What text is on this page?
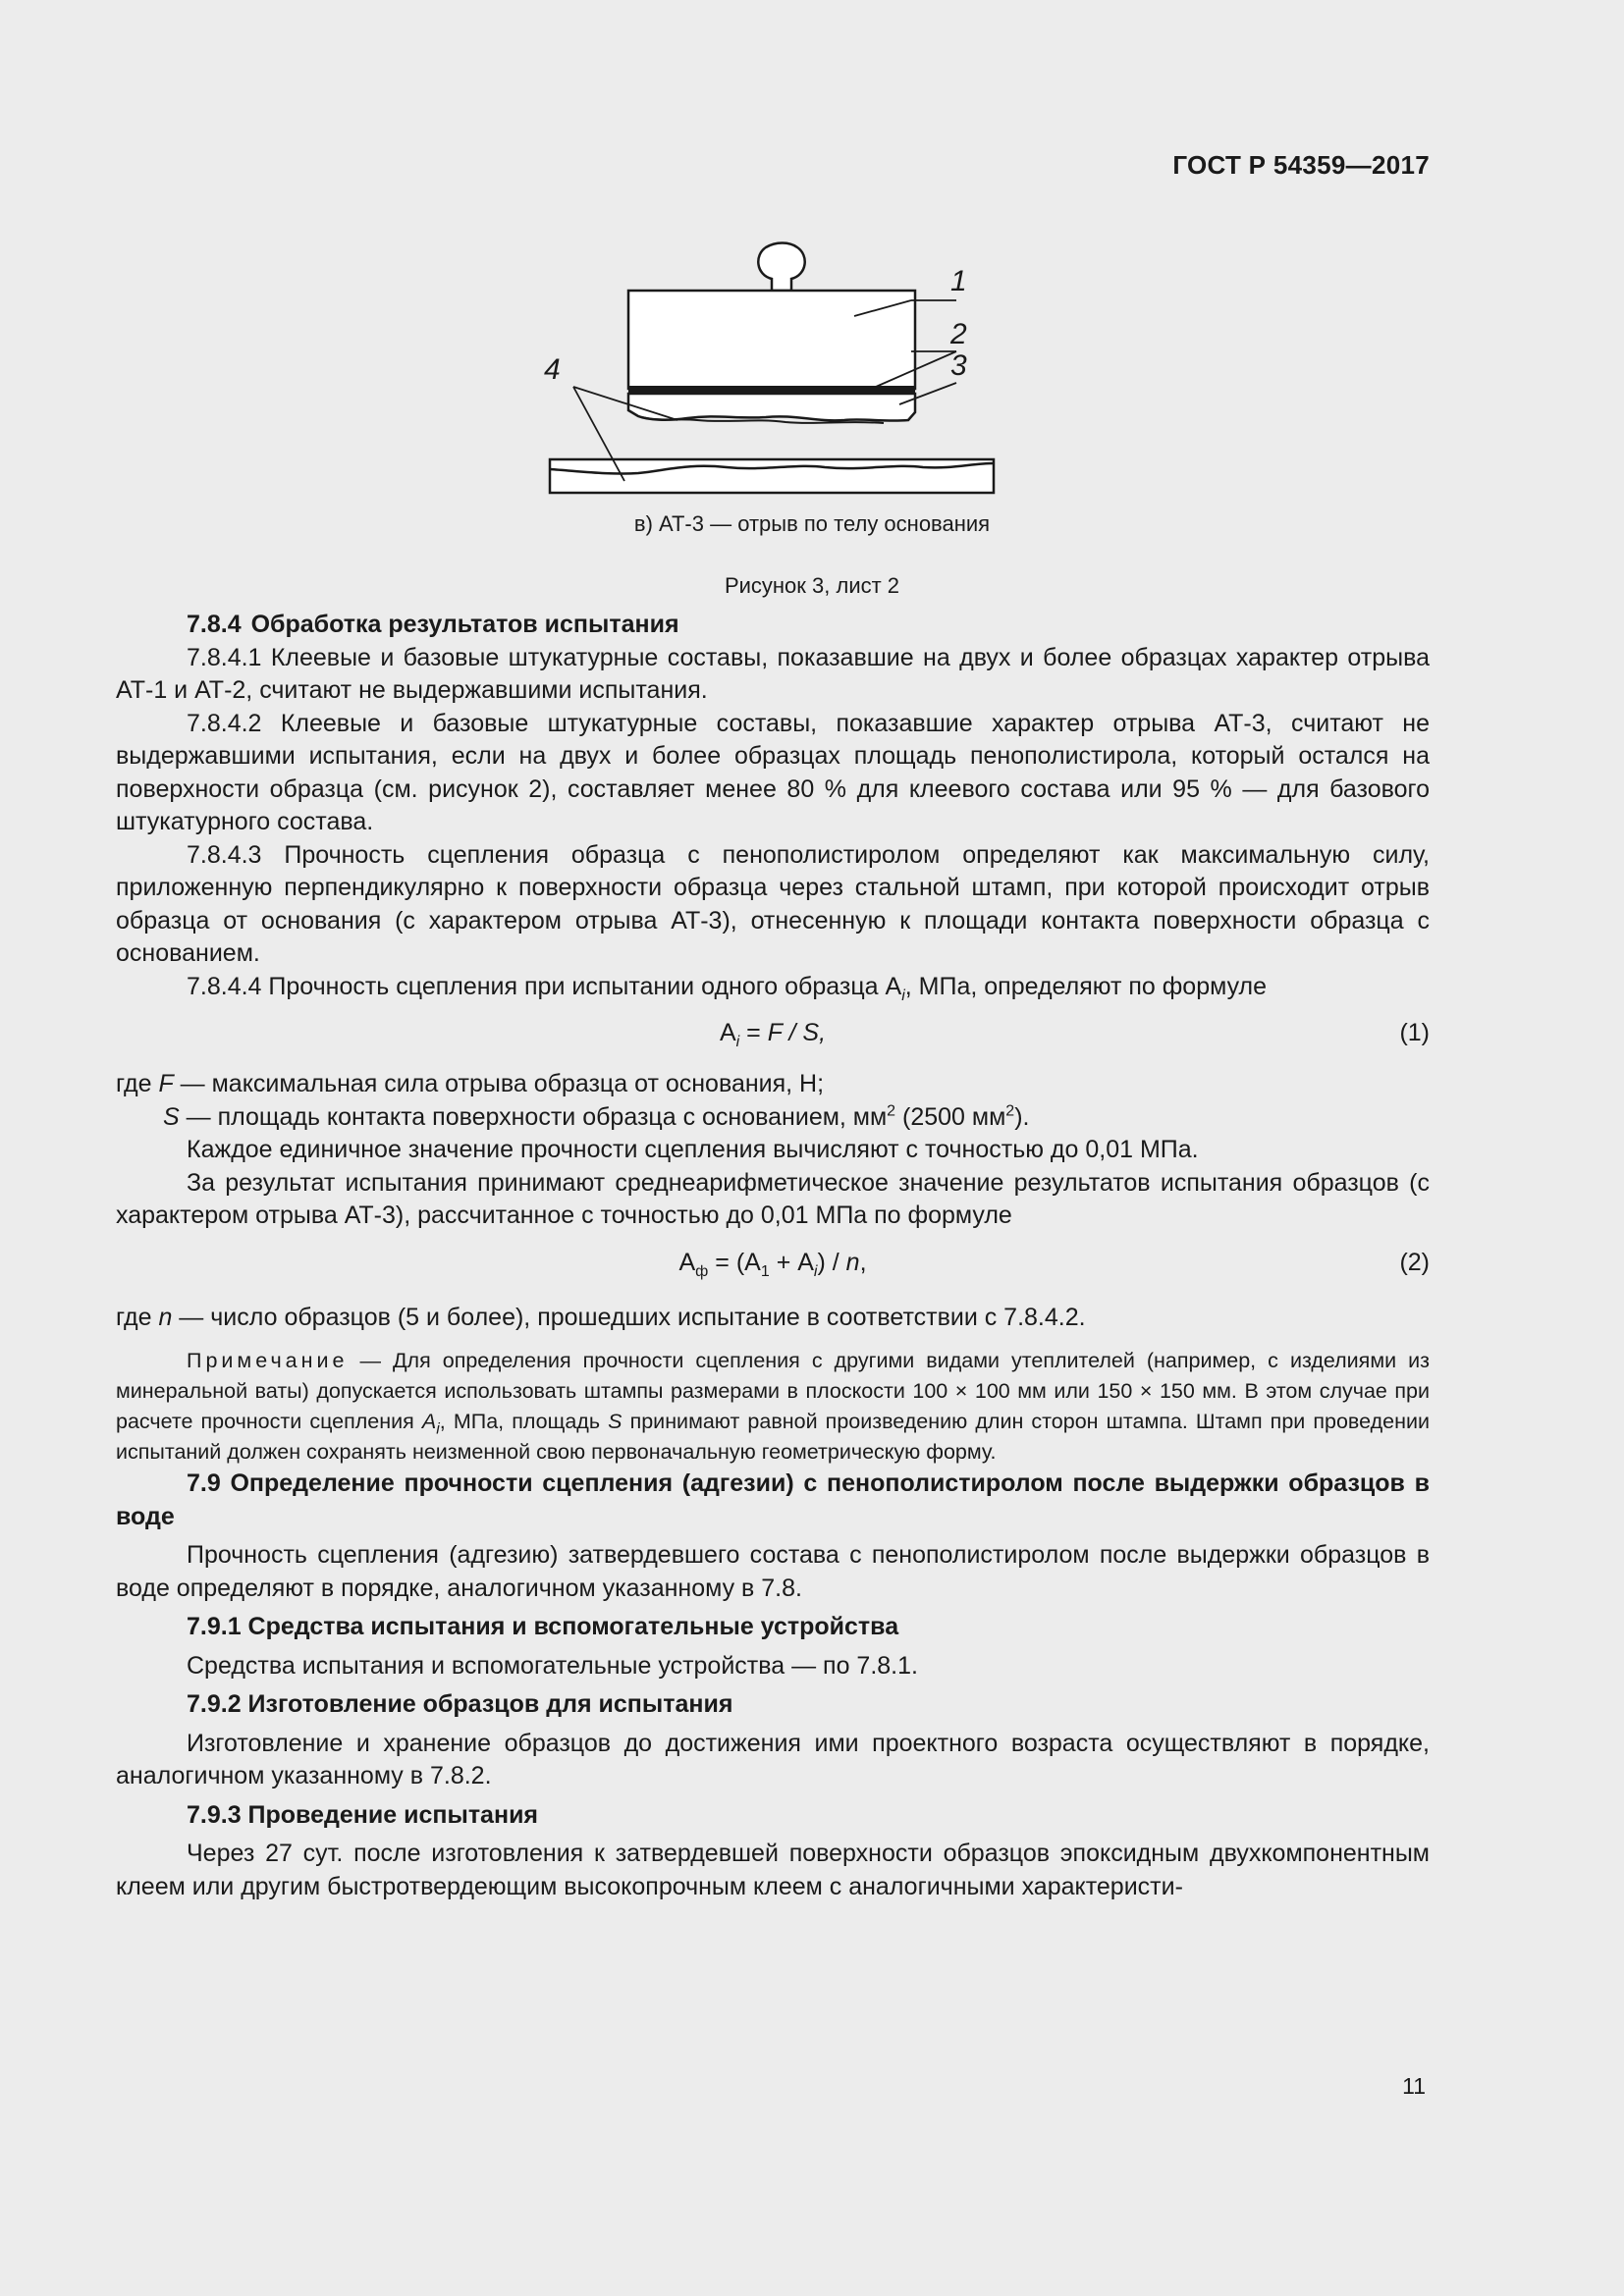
ГОСТ Р 54359—2017
1
2
3
4
в) АТ-3 — отрыв по телу основания
Рисунок 3, лист 2

7.8.4 Обработка результатов испытания

7.8.4.1 Клеевые и базовые штукатурные составы, показавшие на двух и более образцах характер отрыва АТ-1 и АТ-2, считают не выдержавшими испытания.

7.8.4.2 Клеевые и базовые штукатурные составы, показавшие характер отрыва АТ-3, считают не выдержавшими испытания, если на двух и более образцах площадь пенополистирола, который остался на поверхности образца (см. рисунок 2), составляет менее 80 % для клеевого состава или 95 % — для базового штукатурного состава.

7.8.4.3 Прочность сцепления образца с пенополистиролом определяют как максимальную силу, приложенную перпендикулярно к поверхности образца через стальной штамп, при которой происходит отрыв образца от основания (с характером отрыва АТ-3), отнесенную к площади контакта поверхности образца с основанием.

7.8.4.4 Прочность сцепления при испытании одного образца $А_i$, МПа, определяют по формуле

$А_i = F / S$,	(1)

где F — максимальная сила отрыва образца от основания, Н;

S — площадь контакта поверхности образца с основанием, $мм^2$ (2500 $мм^2$).

Каждое единичное значение прочности сцепления вычисляют с точностью до 0,01 МПа.

За результат испытания принимают среднеарифметическое значение результатов испытания образцов (с характером отрыва АТ-3), рассчитанное с точностью до 0,01 МПа по формуле

$А_ф = (А_1 + А_i) / n$,	(2)

где n — число образцов (5 и более), прошедших испытание в соответствии с 7.8.4.2.

Примечание — Для определения прочности сцепления с другими видами утеплителей (например, с изделиями из минеральной ваты) допускается использовать штампы размерами в плоскости 100 × 100 мм или 150 × 150 мм. В этом случае при расчете прочности сцепления $А_i$, МПа, площадь S принимают равной произведению длин сторон штампа. Штамп при проведении испытаний должен сохранять неизменной свою первоначальную геометрическую форму.

7.9 Определение прочности сцепления (адгезии) с пенополистиролом после выдержки образцов в воде

Прочность сцепления (адгезию) затвердевшего состава с пенополистиролом после выдержки образцов в воде определяют в порядке, аналогичном указанному в 7.8.

7.9.1 Средства испытания и вспомогательные устройства

Средства испытания и вспомогательные устройства — по 7.8.1.

7.9.2 Изготовление образцов для испытания

Изготовление и хранение образцов до достижения ими проектного возраста осуществляют в порядке, аналогичном указанному в 7.8.2.

7.9.3 Проведение испытания

Через 27 сут. после изготовления к затвердевшей поверхности образцов эпоксидным двухкомпонентным клеем или другим быстротвердеющим высокопрочным клеем с аналогичными характеристи-

11
